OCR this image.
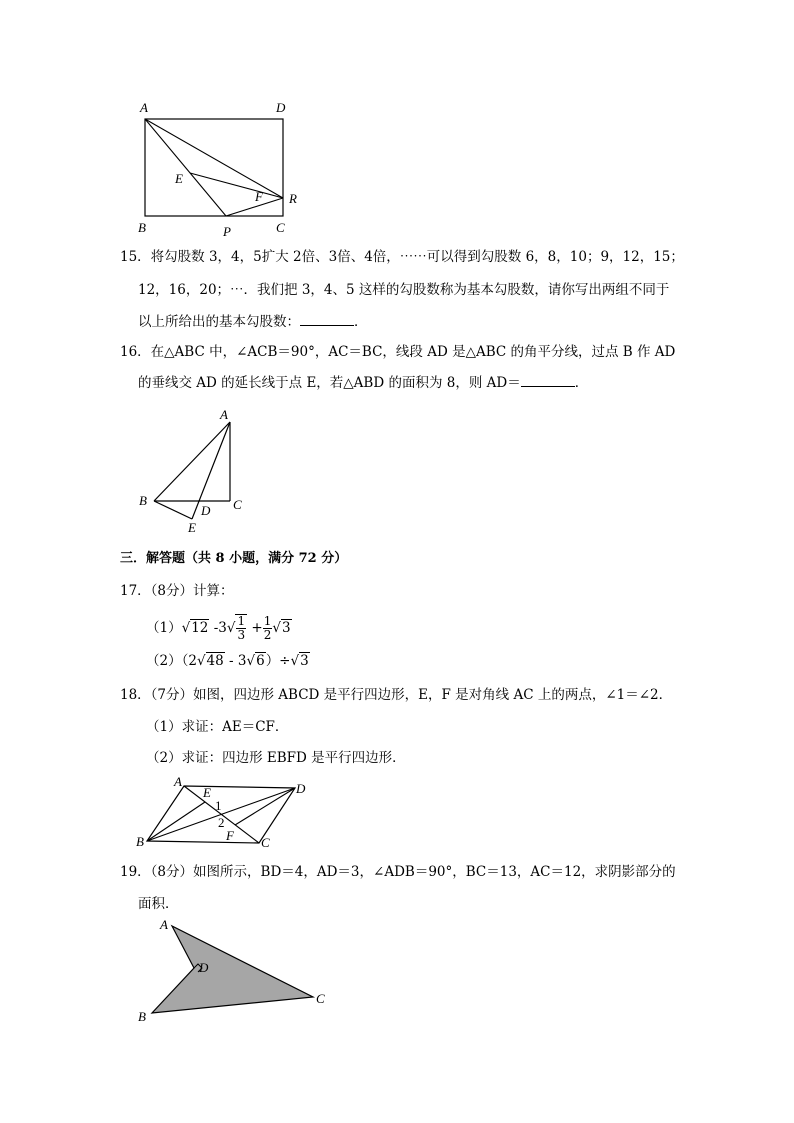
A	D
E
F R
B	P	C
15．将勾股数 3，4，5扩大 2倍、3倍、4倍，⋯⋯可以得到勾股数 6，8，10；9，12，15；
12，16，20；⋯．我们把 3，4、5 这样的勾股数称为基本勾股数，请你写出两组不同于
以上所给出的基本勾股数：	．
16．在△ABC 中，∠ACB＝90°，AC＝BC，线段 AD 是△ABC 的角平分线，过点 B 作 AD
的垂线交 AD 的延长线于点 E，若△ABD 的面积为 8，则 AD＝	．
A
B	C
D
E
三．解答题（共 8 小题，满分 72 分）
17．（8分）计算：
（1）√12 $-3√ \frac{1}{3} + \frac{1}{2} √3$
（2）（2√48 - 3√6）÷√3
18．（7分）如图，四边形 ABCD 是平行四边形，E，F 是对角线 AC 上的两点，∠1＝∠2．
（1）求证：AE＝CF．
（2）求证：四边形 EBFD 是平行四边形．
A	D
E
1
2
F
B	C
19．（8分）如图所示，BD＝4，AD＝3，∠ADB＝90°，BC＝13，AC＝12，求阴影部分的
面积．
A
D
B
C
